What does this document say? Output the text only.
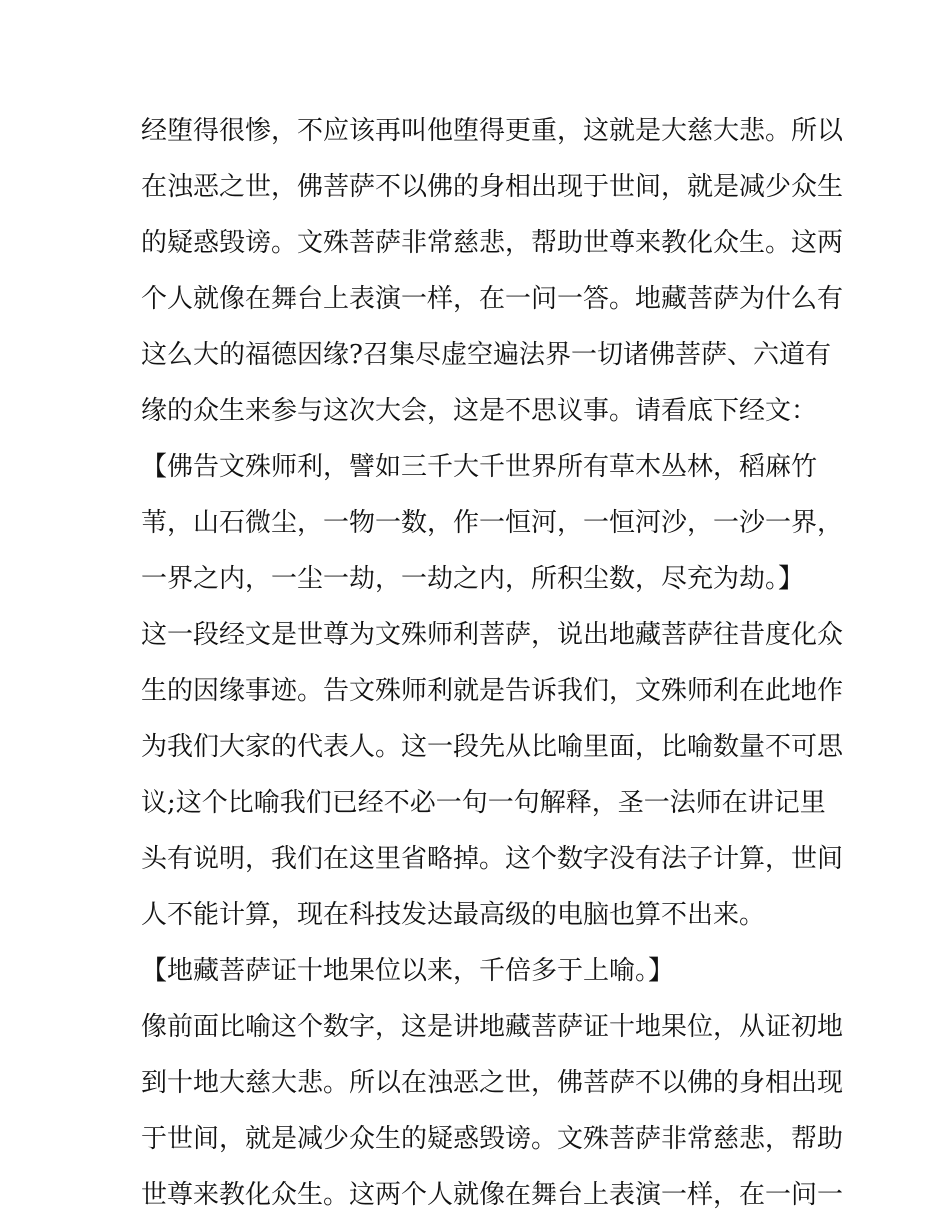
经堕得很惨，不应该再叫他堕得更重，这就是大慈大悲。所以
在浊恶之世，佛菩萨不以佛的身相出现于世间，就是减少众生
的疑惑毁谤。文殊菩萨非常慈悲，帮助世尊来教化众生。这两
个人就像在舞台上表演一样，在一问一答。地藏菩萨为什么有
这么大的福德因缘?召集尽虚空遍法界一切诸佛菩萨、六道有
缘的众生来参与这次大会，这是不思议事。请看底下经文：
【佛告文殊师利，譬如三千大千世界所有草木丛林，稻麻竹
苇，山石微尘，一物一数，作一恒河，一恒河沙，一沙一界，
一界之内，一尘一劫，一劫之内，所积尘数，尽充为劫。】
这一段经文是世尊为文殊师利菩萨，说出地藏菩萨往昔度化众
生的因缘事迹。告文殊师利就是告诉我们，文殊师利在此地作
为我们大家的代表人。这一段先从比喻里面，比喻数量不可思
议;这个比喻我们已经不必一句一句解释，圣一法师在讲记里
头有说明，我们在这里省略掉。这个数字没有法子计算，世间
人不能计算，现在科技发达最高级的电脑也算不出来。
【地藏菩萨证十地果位以来，千倍多于上喻。】
像前面比喻这个数字，这是讲地藏菩萨证十地果位，从证初地
到十地大慈大悲。所以在浊恶之世，佛菩萨不以佛的身相出现
于世间，就是减少众生的疑惑毁谤。文殊菩萨非常慈悲，帮助
世尊来教化众生。这两个人就像在舞台上表演一样，在一问一
